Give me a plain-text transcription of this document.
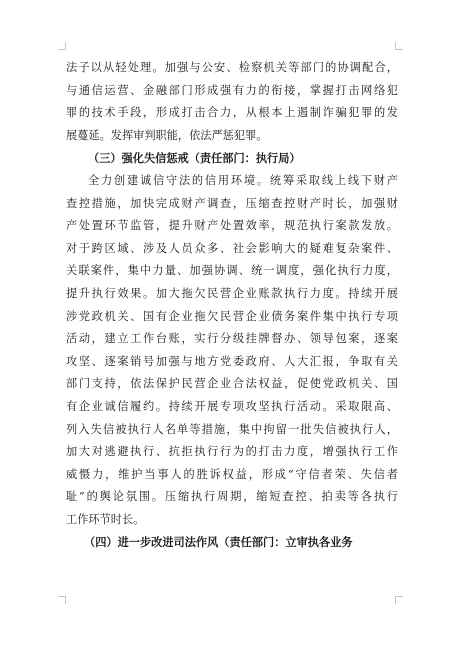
法子以从轻处理。加强与公安、检察机关等部门的协调配合，
与通信运营、金融部门形成强有力的衔接，掌握打击网络犯
罪的技术手段，形成打击合力，从根本上遏制诈骗犯罪的发
展蔓延。发挥审判职能，依法严惩犯罪。
（三）强化失信惩戒（责任部门：执行局）
全力创建诚信守法的信用环境。统筹采取线上线下财产
查控措施，加快完成财产调查，压缩查控财产时长，加强财
产处置环节监管，提升财产处置效率，规范执行案款发放。
对于跨区域、涉及人员众多、社会影响大的疑难复杂案件、
关联案件，集中力量、加强协调、统一调度，强化执行力度，
提升执行效果。加大拖欠民营企业账款执行力度。持续开展
涉党政机关、国有企业拖欠民营企业债务案件集中执行专项
活动，建立工作台账，实行分级挂牌督办、领导包案，逐案
攻坚、逐案销号加强与地方党委政府、人大汇报，争取有关
部门支持，依法保护民营企业合法权益，促使党政机关、国
有企业诚信履约。持续开展专项攻坚执行活动。采取限高、
列入失信被执行人名单等措施，集中拘留一批失信被执行人，
加大对逃避执行、抗拒执行行为的打击力度，增强执行工作
威慑力，维护当事人的胜诉权益，形成“守信者荣、失信者
耻”的舆论氛围。压缩执行周期，缩短查控、拍卖等各执行
工作环节时长。
（四）进一步改进司法作风（责任部门：立审执各业务
